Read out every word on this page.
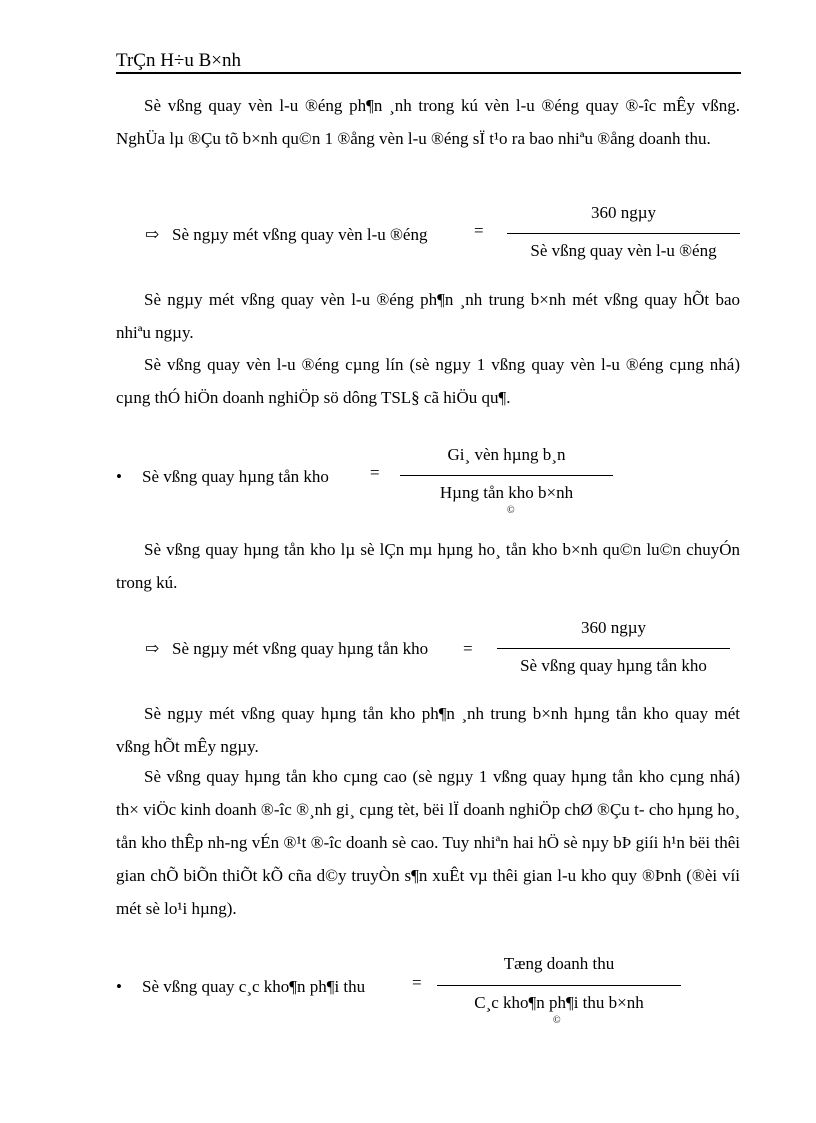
TrÇn H÷u B×nh
Sè vßng quay vèn l-u ®éng ph¶n ¸nh trong kú vèn l-u ®éng quay ®-îc mÊy vßng. NghÜa lµ ®Çu tõ b×nh qu©n 1 ®ång vèn l-u ®éng sÏ t¹o ra bao nhiªu ®ång doanh thu.
⇨ Sè ngµy mét vßng quay vèn l-u ®éng	=
360 ngµy
Sè vßng quay vèn l-u ®éng
Sè ngµy mét vßng quay vèn l-u ®éng ph¶n ¸nh trung b×nh mét vßng quay hÕt bao nhiªu ngµy.
Sè vßng quay vèn l-u ®éng cµng lín (sè ngµy 1 vßng quay vèn l-u ®éng cµng nhá) cµng thÓ hiÖn doanh nghiÖp sö dông TSL§ cã hiÖu qu¶.
• Sè vßng quay hµng tån kho =
Gi¸ vèn hµng b¸n
Hµng tån kho b×nh
©
Sè vßng quay hµng tån kho lµ sè lÇn mµ hµng ho¸ tån kho b×nh qu©n lu©n chuyÓn trong kú.
⇨ Sè ngµy mét vßng quay hµng tån kho =
360 ngµy
Sè vßng quay hµng tån kho
Sè ngµy mét vßng quay hµng tån kho ph¶n ¸nh trung b×nh hµng tån kho quay mét vßng hÕt mÊy ngµy.
Sè vßng quay hµng tån kho cµng cao (sè ngµy 1 vßng quay hµng tån kho cµng nhá) th× viÖc kinh doanh ®-îc ®¸nh gi¸ cµng tèt, bëi lÏ doanh nghiÖp chØ ®Çu t- cho hµng ho¸ tån kho thÊp nh-ng vÉn ®¹t ®-îc doanh sè cao. Tuy nhiªn hai hÖ sè nµy bÞ giíi h¹n bëi thêi gian chÕ biÕn thiÕt kÕ cña d©y truyÒn s¶n xuÊt vµ thêi gian l-u kho quy ®Þnh (®èi víi mét sè lo¹i hµng).
• Sè vßng quay c¸c kho¶n ph¶i thu	=
Tæng doanh thu
C¸c kho¶n ph¶i thu b×nh
©
